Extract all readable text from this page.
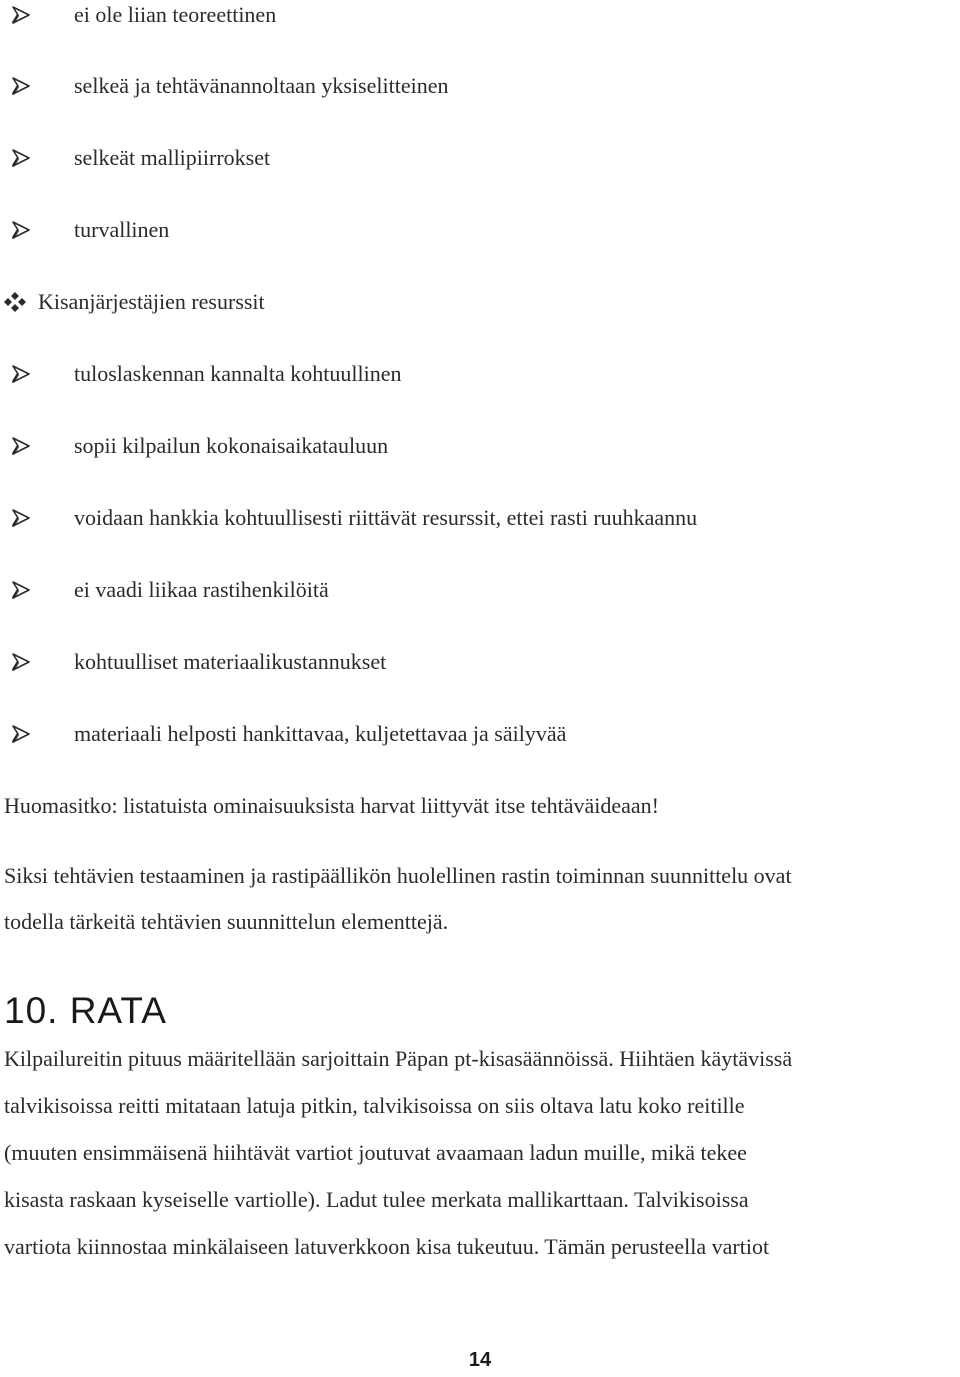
ei ole liian teoreettinen
selkeä ja tehtävänannoltaan yksiselitteinen
selkeät mallipiirrokset
turvallinen
Kisanjärjestäjien resurssit
tuloslaskennan kannalta kohtuullinen
sopii kilpailun kokonaisaikatauluun
voidaan hankkia kohtuullisesti riittävät resurssit, ettei rasti ruuhkaannu
ei vaadi liikaa rastihenkilöitä
kohtuulliset materiaalikustannukset
materiaali helposti hankittavaa, kuljetettavaa ja säilyvää
Huomasitko: listatuista ominaisuuksista harvat liittyvät itse tehtäväideaan!
Siksi tehtävien testaaminen ja rastipäällikön huolellinen rastin toiminnan suunnittelu ovat
todella tärkeitä tehtävien suunnittelun elementtejä.
10. RATA
Kilpailureitin pituus määritellään sarjoittain Päpan pt-kisasäännöissä. Hiihtäen käytävissä
talvikisoissa reitti mitataan latuja pitkin, talvikisoissa on siis oltava latu koko reitille
(muuten ensimmäisenä hiihtävät vartiot joutuvat avaamaan ladun muille, mikä tekee
kisasta raskaan kyseiselle vartiolle). Ladut tulee merkata mallikarttaan. Talvikisoissa
vartiota kiinnostaa minkälaiseen latuverkkoon kisa tukeutuu. Tämän perusteella vartiot
14
